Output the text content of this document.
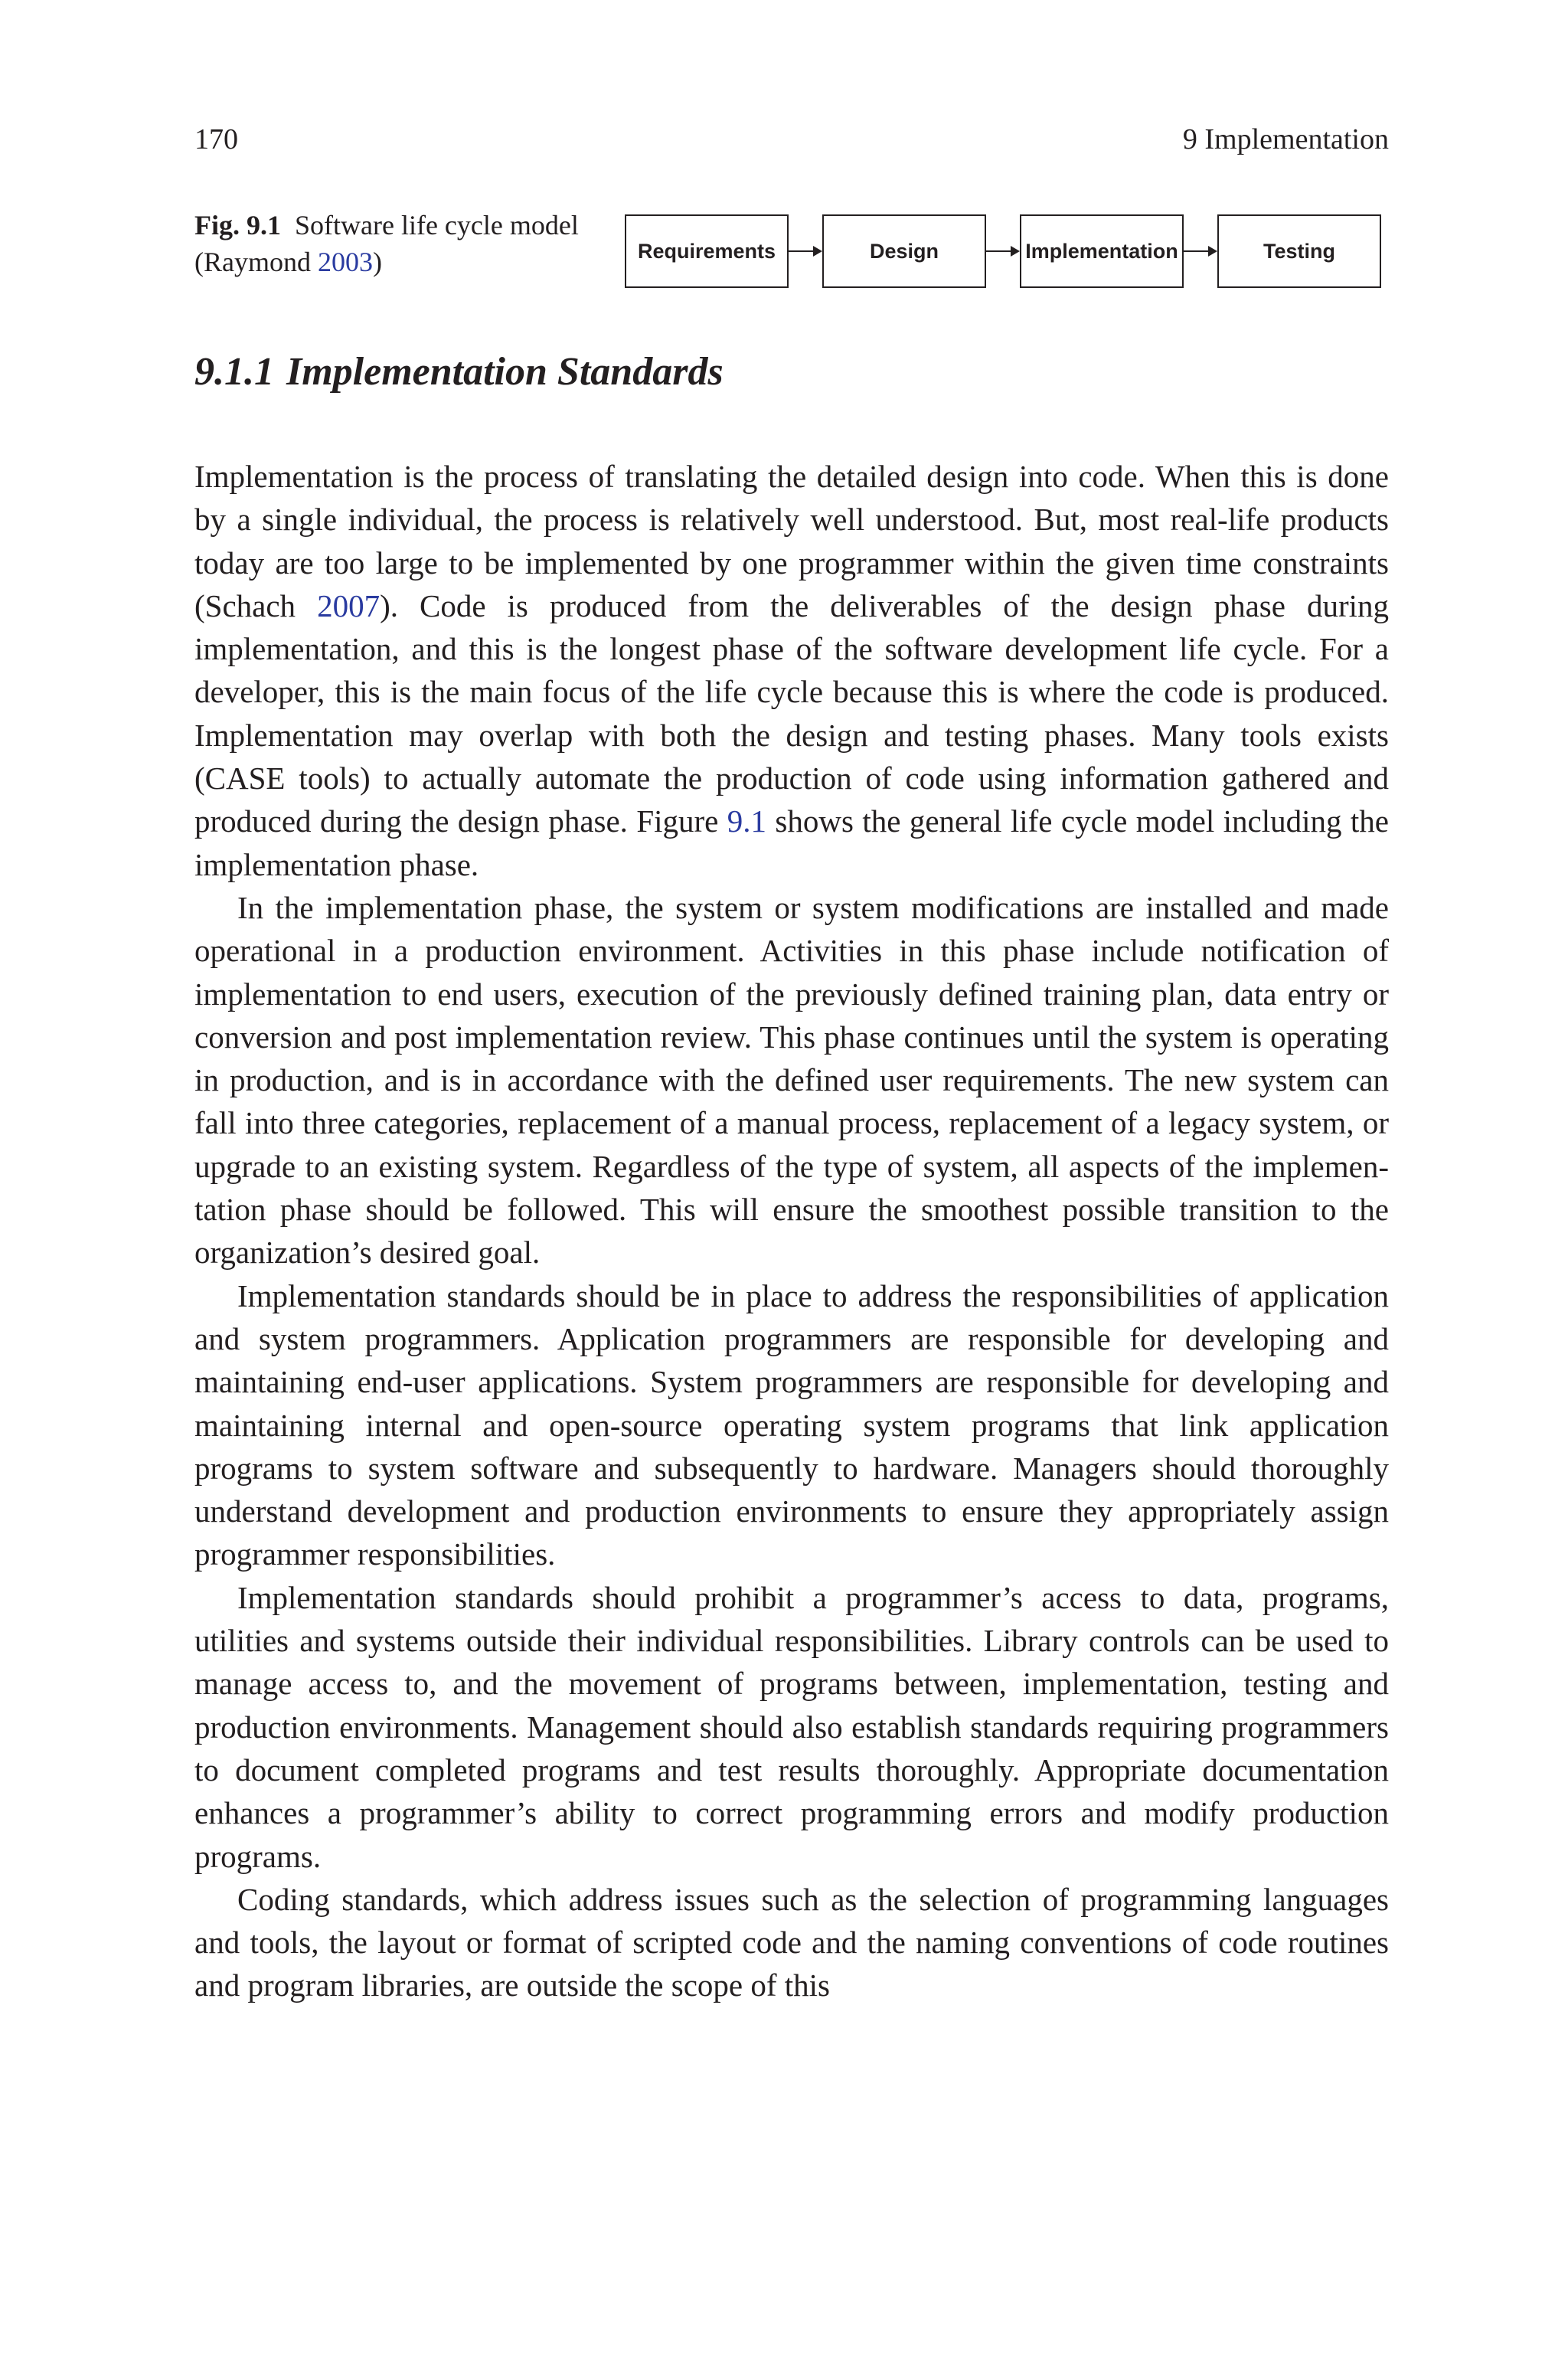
170	9 Implementation
Fig. 9.1 Software life cycle model (Raymond 2003)	Requirements	Design	Implementation	Testing
9.1.1 Implementation Standards

Implementation is the process of translating the detailed design into code. When this is done by a single individual, the process is relatively well understood. But, most real-life products today are too large to be implemented by one programmer within the given time constraints (Schach 2007). Code is produced from the deliverables of the design phase during implementation, and this is the longest phase of the software development life cycle. For a developer, this is the main focus of the life cycle because this is where the code is produced. Implementation may overlap with both the design and testing phases. Many tools exists (CASE tools) to actually automate the production of code using information gathered and produced during the design phase. Figure 9.1 shows the general life cycle model including the implementation phase.

In the implementation phase, the system or system modifications are installed and made operational in a production environment. Activities in this phase include notification of implementation to end users, execution of the previously defined training plan, data entry or conversion and post implementation review. This phase continues until the system is operating in production, and is in accordance with the defined user requirements. The new system can fall into three categories, replacement of a manual process, replacement of a legacy system, or upgrade to an existing system. Regardless of the type of system, all aspects of the implementation phase should be followed. This will ensure the smoothest possible transition to the organization’s desired goal.

Implementation standards should be in place to address the responsibilities of application and system programmers. Application programmers are responsible for developing and maintaining end-user applications. System programmers are responsible for developing and maintaining internal and open-source operating system programs that link application programs to system software and subsequently to hardware. Managers should thoroughly understand development and production environments to ensure they appropriately assign programmer responsibilities.

Implementation standards should prohibit a programmer’s access to data, programs, utilities and systems outside their individual responsibilities. Library controls can be used to manage access to, and the movement of programs between, implementation, testing and production environments. Management should also establish standards requiring programmers to document completed programs and test results thoroughly. Appropriate documentation enhances a programmer’s ability to correct programming errors and modify production programs.

Coding standards, which address issues such as the selection of programming languages and tools, the layout or format of scripted code and the naming conventions of code routines and program libraries, are outside the scope of this
